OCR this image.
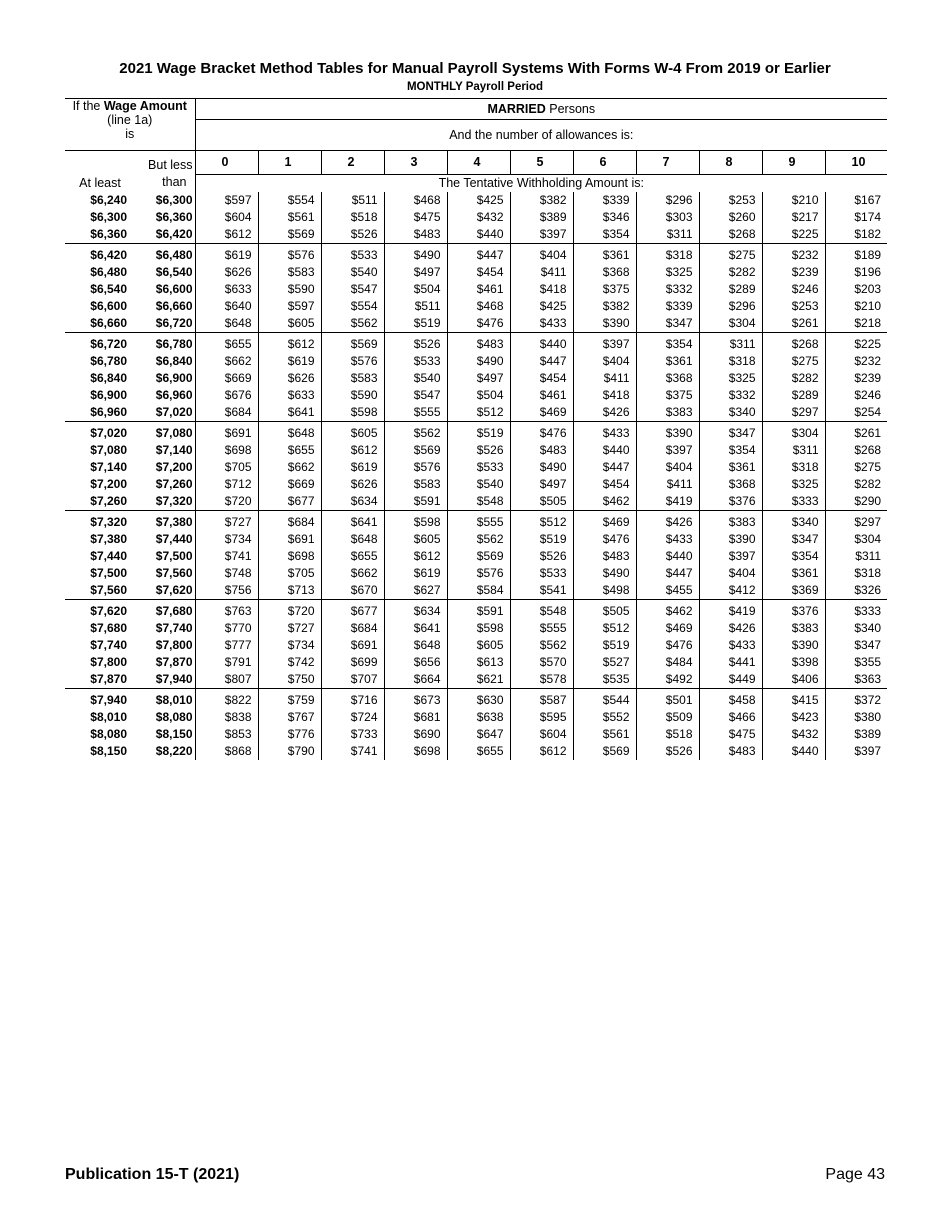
2021 Wage Bracket Method Tables for Manual Payroll Systems With Forms W-4 From 2019 or Earlier
MONTHLY Payroll Period
If the Wage Amount
(line 1a)
is		MARRIED Persons										
		And the number of allowances is:										
	But less	0	1	2	3	4	5	6	7	8	9	10
At least	than	The Tentative Withholding Amount is:										
$6,240	$6,300	$597	$554	$511	$468	$425	$382	$339	$296	$253	$210	$167
$6,300	$6,360	$604	$561	$518	$475	$432	$389	$346	$303	$260	$217	$174
$6,360	$6,420	$612	$569	$526	$483	$440	$397	$354	$311	$268	$225	$182
$6,420	$6,480	$619	$576	$533	$490	$447	$404	$361	$318	$275	$232	$189
$6,480	$6,540	$626	$583	$540	$497	$454	$411	$368	$325	$282	$239	$196
$6,540	$6,600	$633	$590	$547	$504	$461	$418	$375	$332	$289	$246	$203
$6,600	$6,660	$640	$597	$554	$511	$468	$425	$382	$339	$296	$253	$210
$6,660	$6,720	$648	$605	$562	$519	$476	$433	$390	$347	$304	$261	$218
$6,720	$6,780	$655	$612	$569	$526	$483	$440	$397	$354	$311	$268	$225
$6,780	$6,840	$662	$619	$576	$533	$490	$447	$404	$361	$318	$275	$232
$6,840	$6,900	$669	$626	$583	$540	$497	$454	$411	$368	$325	$282	$239
$6,900	$6,960	$676	$633	$590	$547	$504	$461	$418	$375	$332	$289	$246
$6,960	$7,020	$684	$641	$598	$555	$512	$469	$426	$383	$340	$297	$254
$7,020	$7,080	$691	$648	$605	$562	$519	$476	$433	$390	$347	$304	$261
$7,080	$7,140	$698	$655	$612	$569	$526	$483	$440	$397	$354	$311	$268
$7,140	$7,200	$705	$662	$619	$576	$533	$490	$447	$404	$361	$318	$275
$7,200	$7,260	$712	$669	$626	$583	$540	$497	$454	$411	$368	$325	$282
$7,260	$7,320	$720	$677	$634	$591	$548	$505	$462	$419	$376	$333	$290
$7,320	$7,380	$727	$684	$641	$598	$555	$512	$469	$426	$383	$340	$297
$7,380	$7,440	$734	$691	$648	$605	$562	$519	$476	$433	$390	$347	$304
$7,440	$7,500	$741	$698	$655	$612	$569	$526	$483	$440	$397	$354	$311
$7,500	$7,560	$748	$705	$662	$619	$576	$533	$490	$447	$404	$361	$318
$7,560	$7,620	$756	$713	$670	$627	$584	$541	$498	$455	$412	$369	$326
$7,620	$7,680	$763	$720	$677	$634	$591	$548	$505	$462	$419	$376	$333
$7,680	$7,740	$770	$727	$684	$641	$598	$555	$512	$469	$426	$383	$340
$7,740	$7,800	$777	$734	$691	$648	$605	$562	$519	$476	$433	$390	$347
$7,800	$7,870	$791	$742	$699	$656	$613	$570	$527	$484	$441	$398	$355
$7,870	$7,940	$807	$750	$707	$664	$621	$578	$535	$492	$449	$406	$363
$7,940	$8,010	$822	$759	$716	$673	$630	$587	$544	$501	$458	$415	$372
$8,010	$8,080	$838	$767	$724	$681	$638	$595	$552	$509	$466	$423	$380
$8,080	$8,150	$853	$776	$733	$690	$647	$604	$561	$518	$475	$432	$389
$8,150	$8,220	$868	$790	$741	$698	$655	$612	$569	$526	$483	$440	$397
Publication 15-T (2021)	Page 43
